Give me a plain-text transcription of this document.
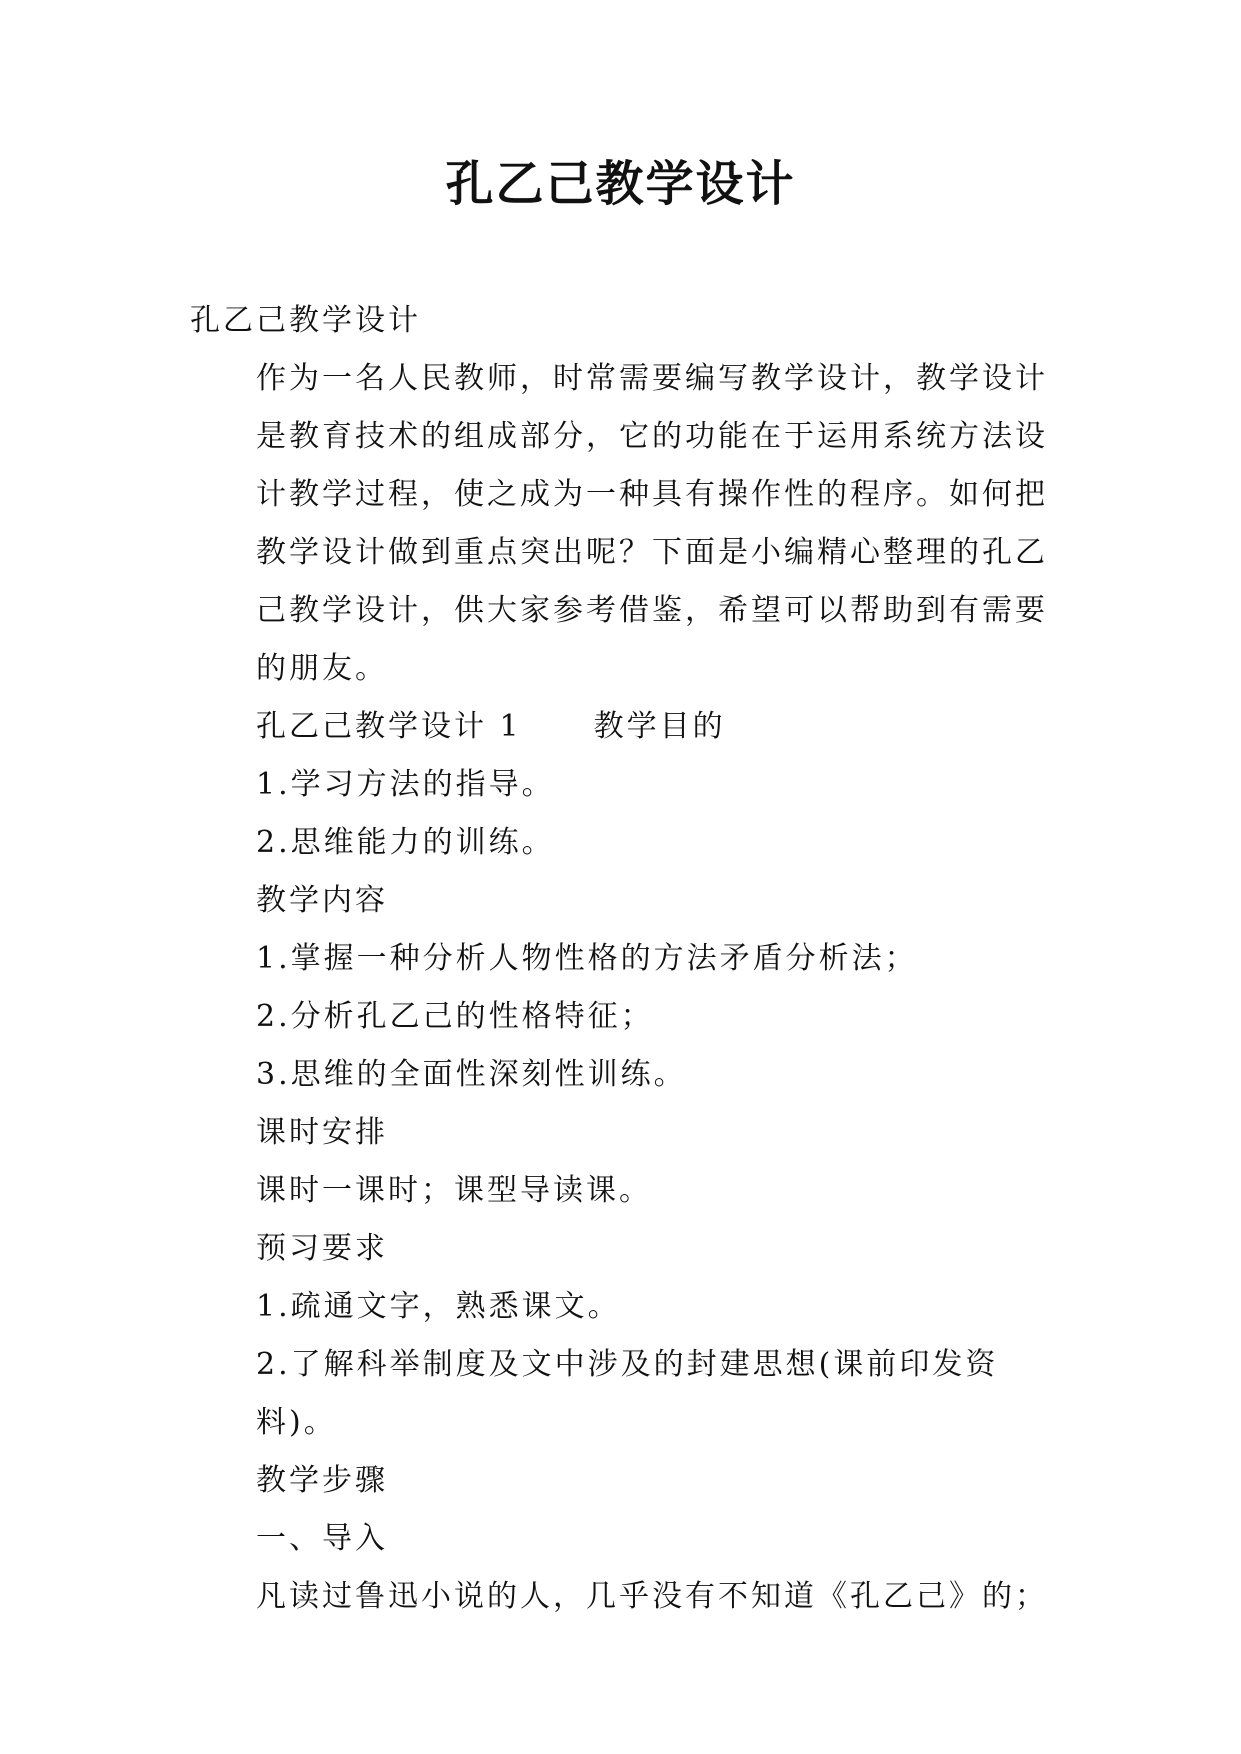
孔乙己教学设计

孔乙己教学设计

作为一名人民教师，时常需要编写教学设计，教学设计是教育技术的组成部分，它的功能在于运用系统方法设计教学过程，使之成为一种具有操作性的程序。如何把教学设计做到重点突出呢？下面是小编精心整理的孔乙己教学设计，供大家参考借鉴，希望可以帮助到有需要的朋友。

孔乙己教学设计 1 教学目的

1.学习方法的指导。

2.思维能力的训练。

教学内容

1.掌握一种分析人物性格的方法矛盾分析法；

2.分析孔乙己的性格特征；

3.思维的全面性深刻性训练。

课时安排

课时一课时；课型导读课。

预习要求

1.疏通文字，熟悉课文。

2.了解科举制度及文中涉及的封建思想(课前印发资料)。

教学步骤

一、导入

凡读过鲁迅小说的人，几乎没有不知道《孔乙己》的；
